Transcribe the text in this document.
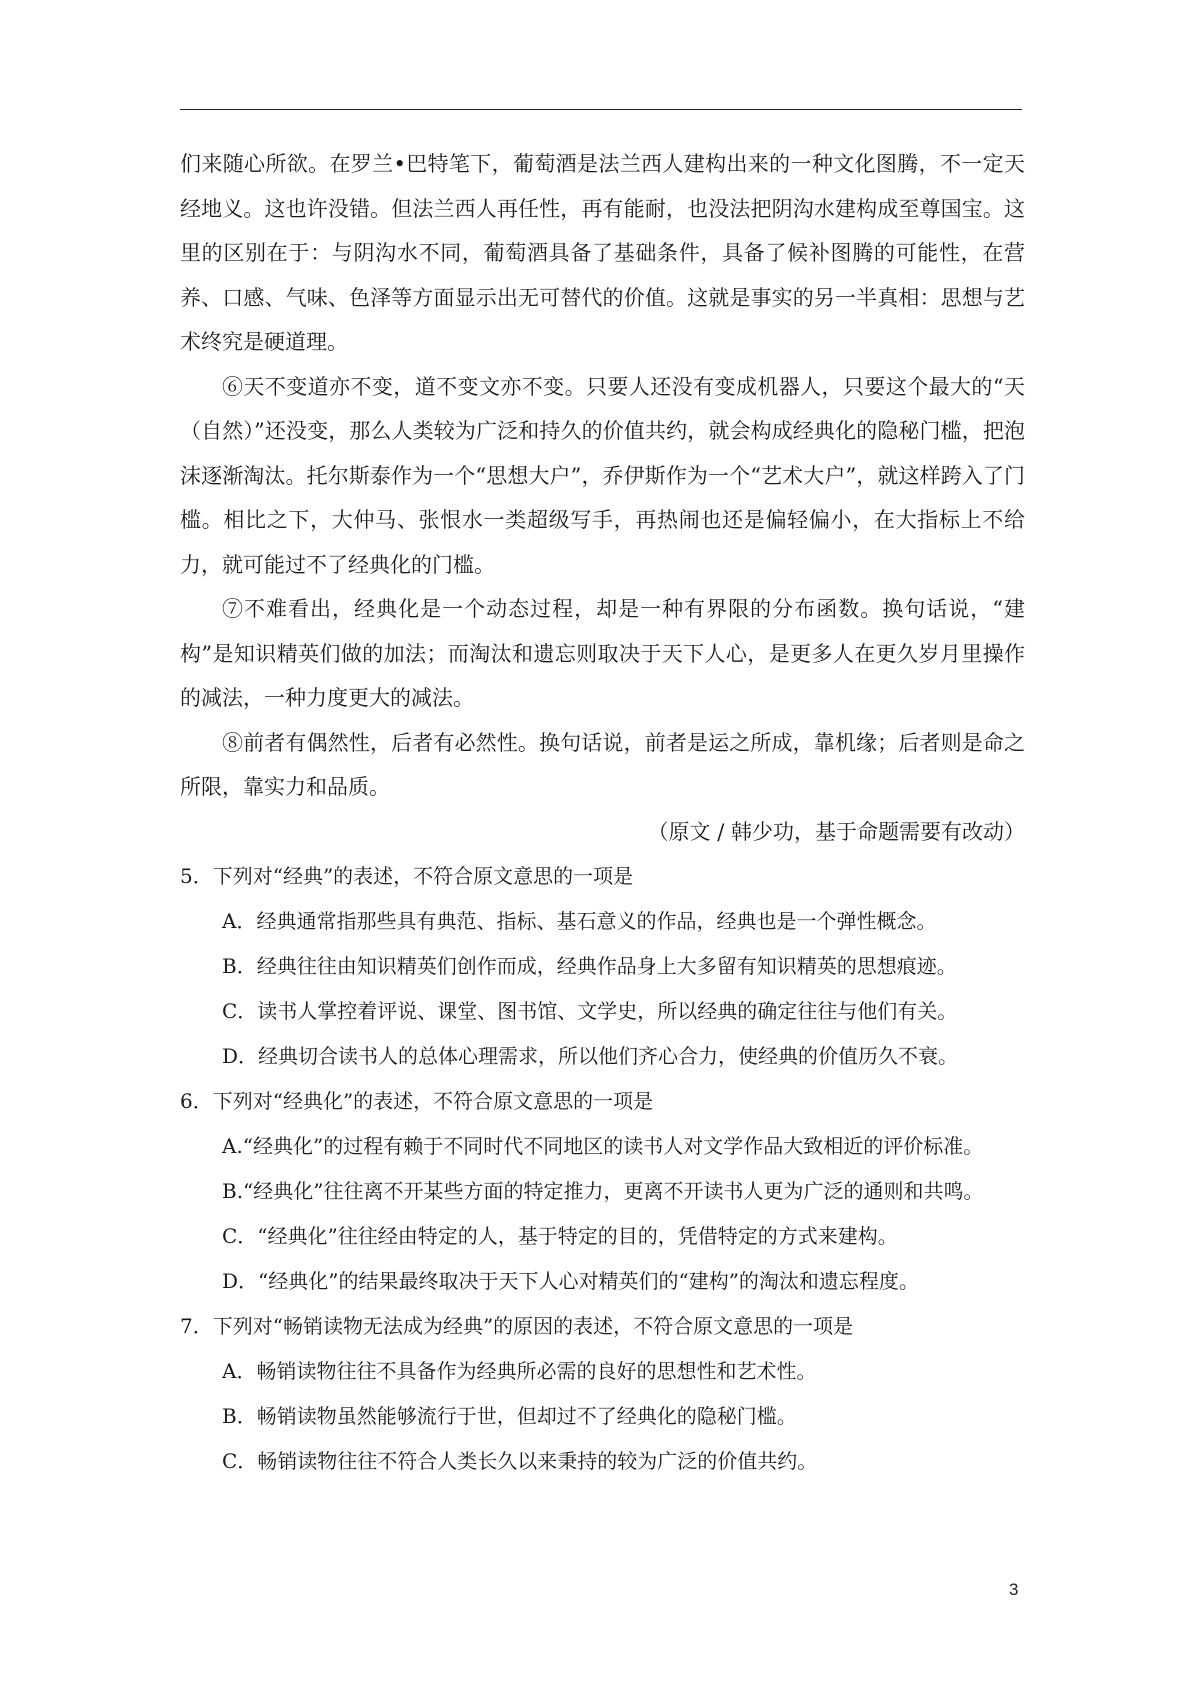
们来随心所欲。在罗兰•巴特笔下，葡萄酒是法兰西人建构出来的一种文化图腾，不一定天经地义。这也许没错。但法兰西人再任性，再有能耐，也没法把阴沟水建构成至尊国宝。这里的区别在于：与阴沟水不同，葡萄酒具备了基础条件，具备了候补图腾的可能性，在营养、口感、气味、色泽等方面显示出无可替代的价值。这就是事实的另一半真相：思想与艺术终究是硬道理。

⑥天不变道亦不变，道不变文亦不变。只要人还没有变成机器人，只要这个最大的“天（自然）”还没变，那么人类较为广泛和持久的价值共约，就会构成经典化的隐秘门槛，把泡沫逐渐淘汰。托尔斯泰作为一个“思想大户”，乔伊斯作为一个“艺术大户”，就这样跨入了门槛。相比之下，大仲马、张恨水一类超级写手，再热闹也还是偏轻偏小，在大指标上不给力，就可能过不了经典化的门槛。

⑦不难看出，经典化是一个动态过程，却是一种有界限的分布函数。换句话说，“建构”是知识精英们做的加法；而淘汰和遗忘则取决于天下人心，是更多人在更久岁月里操作的减法，一种力度更大的减法。

⑧前者有偶然性，后者有必然性。换句话说，前者是运之所成，靠机缘；后者则是命之所限，靠实力和品质。

（原文 / 韩少功，基于命题需要有改动）

5．下列对“经典”的表述，不符合原文意思的一项是

A．经典通常指那些具有典范、指标、基石意义的作品，经典也是一个弹性概念。

B．经典往往由知识精英们创作而成，经典作品身上大多留有知识精英的思想痕迹。

C．读书人掌控着评说、课堂、图书馆、文学史，所以经典的确定往往与他们有关。

D．经典切合读书人的总体心理需求，所以他们齐心合力，使经典的价值历久不衰。

6．下列对“经典化”的表述，不符合原文意思的一项是

A.“经典化”的过程有赖于不同时代不同地区的读书人对文学作品大致相近的评价标准。

B.“经典化”往往离不开某些方面的特定推力，更离不开读书人更为广泛的通则和共鸣。

C．“经典化”往往经由特定的人，基于特定的目的，凭借特定的方式来建构。

D．“经典化”的结果最终取决于天下人心对精英们的“建构”的淘汰和遗忘程度。

7．下列对“畅销读物无法成为经典”的原因的表述，不符合原文意思的一项是

A．畅销读物往往不具备作为经典所必需的良好的思想性和艺术性。

B．畅销读物虽然能够流行于世，但却过不了经典化的隐秘门槛。

C．畅销读物往往不符合人类长久以来秉持的较为广泛的价值共约。

3
